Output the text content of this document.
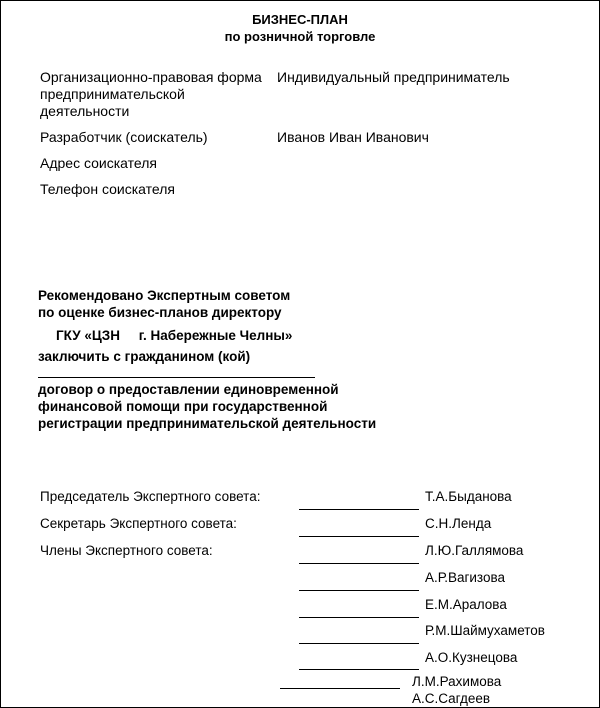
БИЗНЕС-ПЛАН
по розничной торговле
Организационно-правовая форма
предпринимательской
деятельности
Индивидуальный предприниматель
Разработчик (соискатель)	Иванов Иван Иванович
Адрес соискателя
Телефон соискателя
Рекомендовано Экспертным советом
по оценке бизнес-планов директору
ГКУ «ЦЗН     г. Набережные Челны»
заключить с гражданином (кой)
договор о предоставлении единовременной
финансовой помощи при государственной
регистрации предпринимательской деятельности
Председатель Экспертного совета:
Секретарь Экспертного совета:
Члены Экспертного совета:
Т.А.Быданова
С.Н.Ленда
Л.Ю.Галлямова
А.Р.Вагизова
Е.М.Аралова
Р.М.Шаймухаметов
А.О.Кузнецова
Л.М.Рахимова
А.С.Сагдеев
